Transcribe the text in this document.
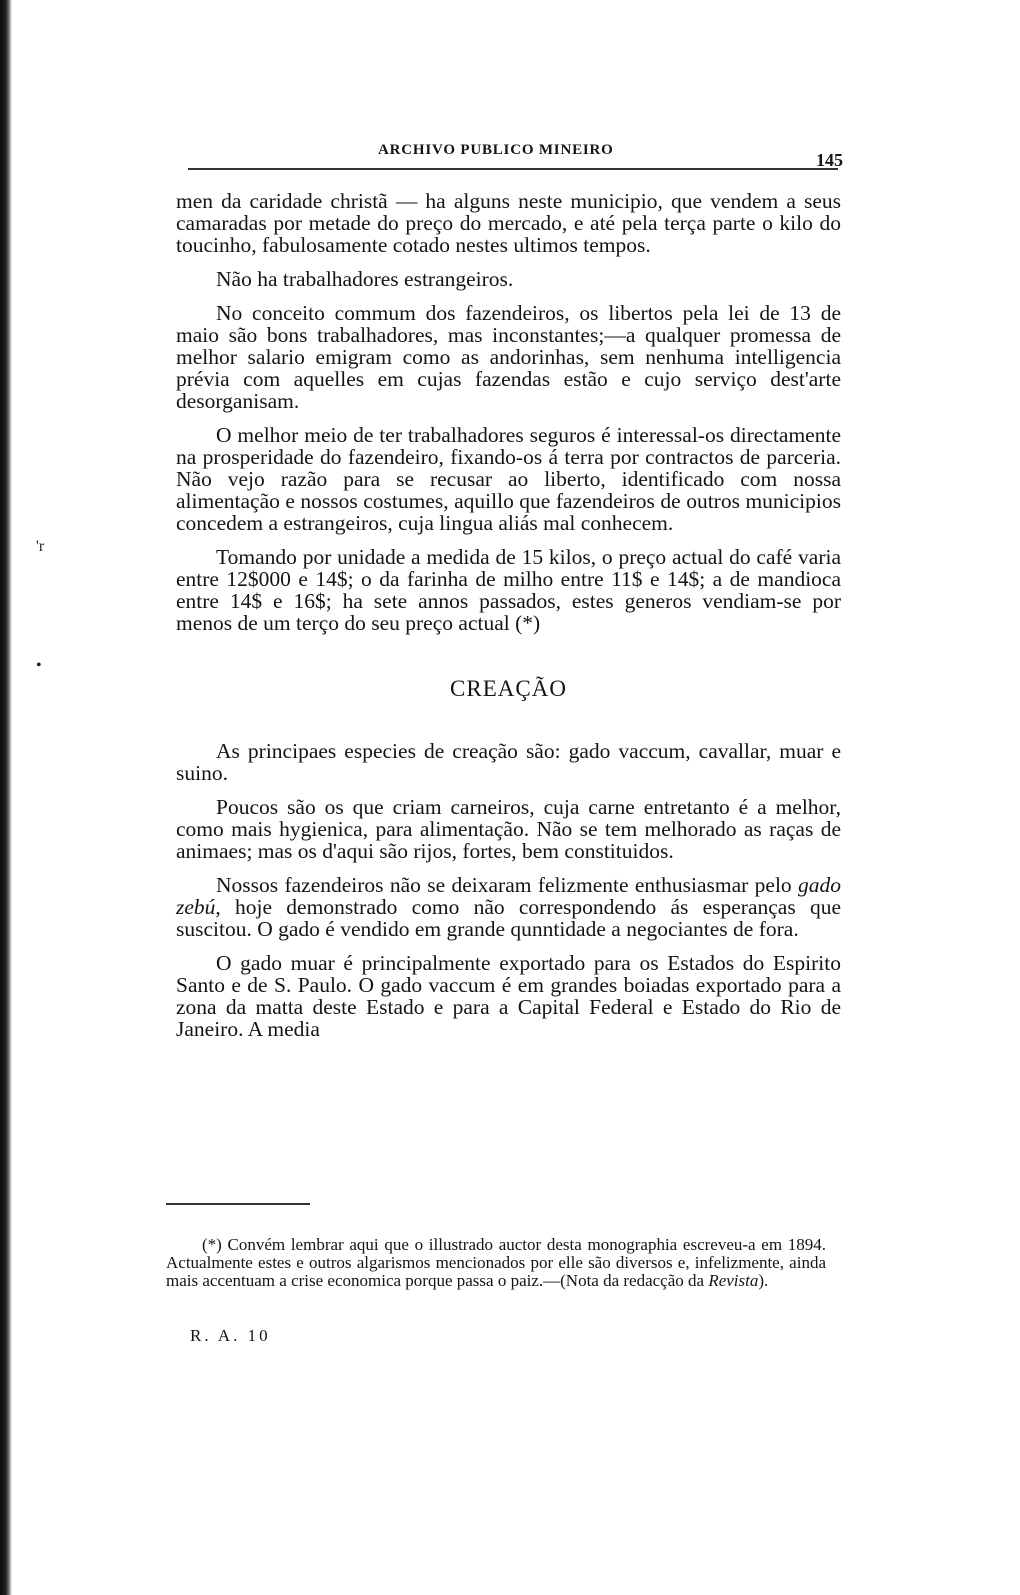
'r
•
ARCHIVO PUBLICO MINEIRO	145

men da caridade christã — ha alguns neste municipio, que vendem a seus camaradas por metade do preço do mercado, e até pela terça parte o kilo do toucinho, fabulosamente cotado nestes ultimos tempos.

Não ha trabalhadores estrangeiros.

No conceito commum dos fazendeiros, os libertos pela lei de 13 de maio são bons trabalhadores, mas inconstantes;—a qualquer promessa de melhor salario emigram como as andorinhas, sem nenhuma intelligencia prévia com aquelles em cujas fazendas estão e cujo serviço dest'arte desorganisam.

O melhor meio de ter trabalhadores seguros é interessal-os directamente na prosperidade do fazendeiro, fixando-os á terra por contractos de parceria. Não vejo razão para se recusar ao liberto, identificado com nossa alimentação e nossos costumes, aquillo que fazendeiros de outros municipios concedem a estrangeiros, cuja lingua aliás mal conhecem.

Tomando por unidade a medida de 15 kilos, o preço actual do café varia entre 12$000 e 14$; o da farinha de milho entre 11$ e 14$; a de mandioca entre 14$ e 16$; ha sete annos passados, estes generos vendiam-se por menos de um terço do seu preço actual (*)

CREAÇÃO

As principaes especies de creação são: gado vaccum, cavallar, muar e suino.

Poucos são os que criam carneiros, cuja carne entretanto é a melhor, como mais hygienica, para alimentação. Não se tem melhorado as raças de animaes; mas os d'aqui são rijos, fortes, bem constituidos.

Nossos fazendeiros não se deixaram felizmente enthusiasmar pelo gado zebú, hoje demonstrado como não correspondendo ás esperanças que suscitou. O gado é vendido em grande qunntidade a negociantes de fora.

O gado muar é principalmente exportado para os Estados do Espirito Santo e de S. Paulo. O gado vaccum é em grandes boiadas exportado para a zona da matta deste Estado e para a Capital Federal e Estado do Rio de Janeiro. A media

(*) Convém lembrar aqui que o illustrado auctor desta monographia escreveu-a em 1894. Actualmente estes e outros algarismos mencionados por elle são diversos e, infelizmente, ainda mais accentuam a crise economica porque passa o paiz.—(Nota da redacção da Revista).
R. A. 10
